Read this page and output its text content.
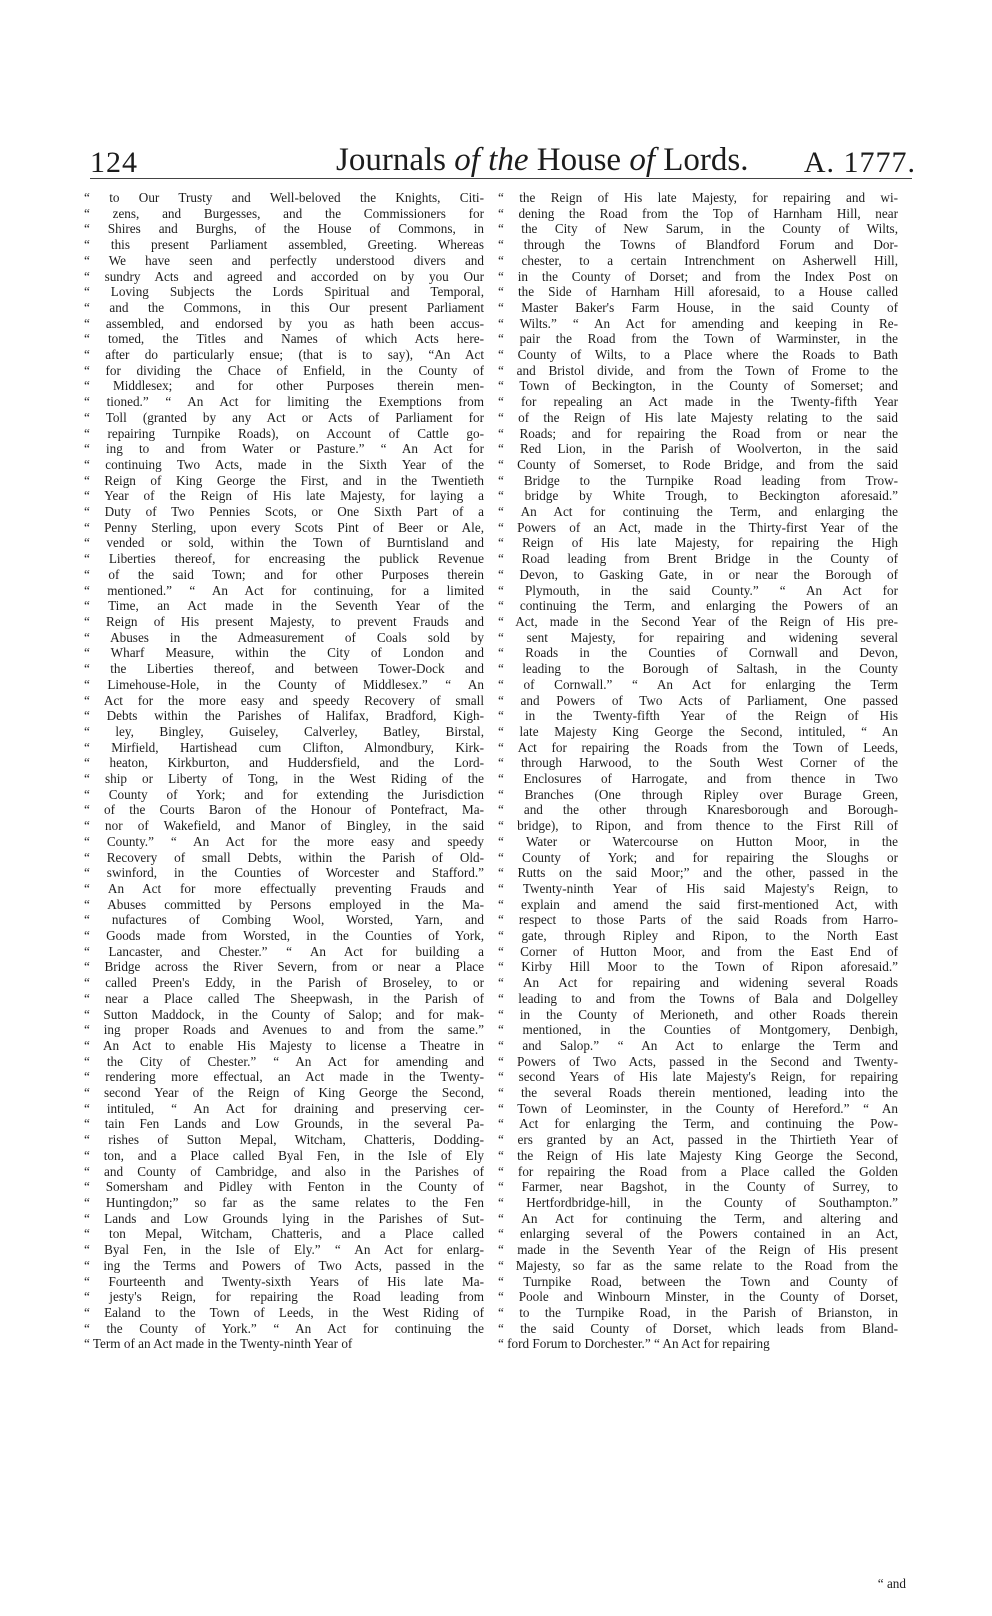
124	Journals of the House of Lords. A. 1777.
“ to Our Trusty and Well-beloved the Knights, Citi-
“ zens, and Burgesses, and the Commissioners for
“ Shires and Burghs, of the House of Commons, in
“ this present Parliament assembled, Greeting. Whereas
“ We have seen and perfectly understood divers and
“ sundry Acts and agreed and accorded on by you Our
“ Loving Subjects the Lords Spiritual and Temporal,
“ and the Commons, in this Our present Parliament
“ assembled, and endorsed by you as hath been accus-
“ tomed, the Titles and Names of which Acts here-
“ after do particularly ensue; (that is to say), “An Act
“ for dividing the Chace of Enfield, in the County of
“ Middlesex; and for other Purposes therein men-
“ tioned.” “ An Act for limiting the Exemptions from
“ Toll (granted by any Act or Acts of Parliament for
“ repairing Turnpike Roads), on Account of Cattle go-
“ ing to and from Water or Pasture.” “ An Act for
“ continuing Two Acts, made in the Sixth Year of the
“ Reign of King George the First, and in the Twentieth
“ Year of the Reign of His late Majesty, for laying a
“ Duty of Two Pennies Scots, or One Sixth Part of a
“ Penny Sterling, upon every Scots Pint of Beer or Ale,
“ vended or sold, within the Town of Burntisland and
“ Liberties thereof, for encreasing the publick Revenue
“ of the said Town; and for other Purposes therein
“ mentioned.” “ An Act for continuing, for a limited
“ Time, an Act made in the Seventh Year of the
“ Reign of His present Majesty, to prevent Frauds and
“ Abuses in the Admeasurement of Coals sold by
“ Wharf Measure, within the City of London and
“ the Liberties thereof, and between Tower-Dock and
“ Limehouse-Hole, in the County of Middlesex.” “ An
“ Act for the more easy and speedy Recovery of small
“ Debts within the Parishes of Halifax, Bradford, Kigh-
“ ley, Bingley, Guiseley, Calverley, Batley, Birstal,
“ Mirfield, Hartishead cum Clifton, Almondbury, Kirk-
“ heaton, Kirkburton, and Huddersfield, and the Lord-
“ ship or Liberty of Tong, in the West Riding of the
“ County of York; and for extending the Jurisdiction
“ of the Courts Baron of the Honour of Pontefract, Ma-
“ nor of Wakefield, and Manor of Bingley, in the said
“ County.” “ An Act for the more easy and speedy
“ Recovery of small Debts, within the Parish of Old-
“ swinford, in the Counties of Worcester and Stafford.”
“ An Act for more effectually preventing Frauds and
“ Abuses committed by Persons employed in the Ma-
“ nufactures of Combing Wool, Worsted, Yarn, and
“ Goods made from Worsted, in the Counties of York,
“ Lancaster, and Chester.” “ An Act for building a
“ Bridge across the River Severn, from or near a Place
“ called Preen's Eddy, in the Parish of Broseley, to or
“ near a Place called The Sheepwash, in the Parish of
“ Sutton Maddock, in the County of Salop; and for mak-
“ ing proper Roads and Avenues to and from the same.”
“ An Act to enable His Majesty to license a Theatre in
“ the City of Chester.” “ An Act for amending and
“ rendering more effectual, an Act made in the Twenty-
“ second Year of the Reign of King George the Second,
“ intituled, “ An Act for draining and preserving cer-
“ tain Fen Lands and Low Grounds, in the several Pa-
“ rishes of Sutton Mepal, Witcham, Chatteris, Dodding-
“ ton, and a Place called Byal Fen, in the Isle of Ely
“ and County of Cambridge, and also in the Parishes of
“ Somersham and Pidley with Fenton in the County of
“ Huntingdon;” so far as the same relates to the Fen
“ Lands and Low Grounds lying in the Parishes of Sut-
“ ton Mepal, Witcham, Chatteris, and a Place called
“ Byal Fen, in the Isle of Ely.” “ An Act for enlarg-
“ ing the Terms and Powers of Two Acts, passed in the
“ Fourteenth and Twenty-sixth Years of His late Ma-
“ jesty's Reign, for repairing the Road leading from
“ Ealand to the Town of Leeds, in the West Riding of
“ the County of York.” “ An Act for continuing the
“ Term of an Act made in the Twenty-ninth Year of
“ the Reign of His late Majesty, for repairing and wi-
“ dening the Road from the Top of Harnham Hill, near
“ the City of New Sarum, in the County of Wilts,
“ through the Towns of Blandford Forum and Dor-
“ chester, to a certain Intrenchment on Asherwell Hill,
“ in the County of Dorset; and from the Index Post on
“ the Side of Harnham Hill aforesaid, to a House called
“ Master Baker's Farm House, in the said County of
“ Wilts.” “ An Act for amending and keeping in Re-
“ pair the Road from the Town of Warminster, in the
“ County of Wilts, to a Place where the Roads to Bath
“ and Bristol divide, and from the Town of Frome to the
“ Town of Beckington, in the County of Somerset; and
“ for repealing an Act made in the Twenty-fifth Year
“ of the Reign of His late Majesty relating to the said
“ Roads; and for repairing the Road from or near the
“ Red Lion, in the Parish of Woolverton, in the said
“ County of Somerset, to Rode Bridge, and from the said
“ Bridge to the Turnpike Road leading from Trow-
“ bridge by White Trough, to Beckington aforesaid.”
“ An Act for continuing the Term, and enlarging the
“ Powers of an Act, made in the Thirty-first Year of the
“ Reign of His late Majesty, for repairing the High
“ Road leading from Brent Bridge in the County of
“ Devon, to Gasking Gate, in or near the Borough of
“ Plymouth, in the said County.” “ An Act for
“ continuing the Term, and enlarging the Powers of an
“ Act, made in the Second Year of the Reign of His pre-
“ sent Majesty, for repairing and widening several
“ Roads in the Counties of Cornwall and Devon,
“ leading to the Borough of Saltash, in the County
“ of Cornwall.” “ An Act for enlarging the Term
“ and Powers of Two Acts of Parliament, One passed
“ in the Twenty-fifth Year of the Reign of His
“ late Majesty King George the Second, intituled, “ An
“ Act for repairing the Roads from the Town of Leeds,
“ through Harwood, to the South West Corner of the
“ Enclosures of Harrogate, and from thence in Two
“ Branches (One through Ripley over Burage Green,
“ and the other through Knaresborough and Borough-
“ bridge), to Ripon, and from thence to the First Rill of
“ Water or Watercourse on Hutton Moor, in the
“ County of York; and for repairing the Sloughs or
“ Rutts on the said Moor;” and the other, passed in the
“ Twenty-ninth Year of His said Majesty's Reign, to
“ explain and amend the said first-mentioned Act, with
“ respect to those Parts of the said Roads from Harro-
“ gate, through Ripley and Ripon, to the North East
“ Corner of Hutton Moor, and from the East End of
“ Kirby Hill Moor to the Town of Ripon aforesaid.”
“ An Act for repairing and widening several Roads
“ leading to and from the Towns of Bala and Dolgelley
“ in the County of Merioneth, and other Roads therein
“ mentioned, in the Counties of Montgomery, Denbigh,
“ and Salop.” “ An Act to enlarge the Term and
“ Powers of Two Acts, passed in the Second and Twenty-
“ second Years of His late Majesty's Reign, for repairing
“ the several Roads therein mentioned, leading into the
“ Town of Leominster, in the County of Hereford.” “ An
“ Act for enlarging the Term, and continuing the Pow-
“ ers granted by an Act, passed in the Thirtieth Year of
“ the Reign of His late Majesty King George the Second,
“ for repairing the Road from a Place called the Golden
“ Farmer, near Bagshot, in the County of Surrey, to
“ Hertfordbridge-hill, in the County of Southampton.”
“ An Act for continuing the Term, and altering and
“ enlarging several of the Powers contained in an Act,
“ made in the Seventh Year of the Reign of His present
“ Majesty, so far as the same relate to the Road from the
“ Turnpike Road, between the Town and County of
“ Poole and Winbourn Minster, in the County of Dorset,
“ to the Turnpike Road, in the Parish of Brianston, in
“ the said County of Dorset, which leads from Bland-
“ ford Forum to Dorchester.” “ An Act for repairing
“ and
